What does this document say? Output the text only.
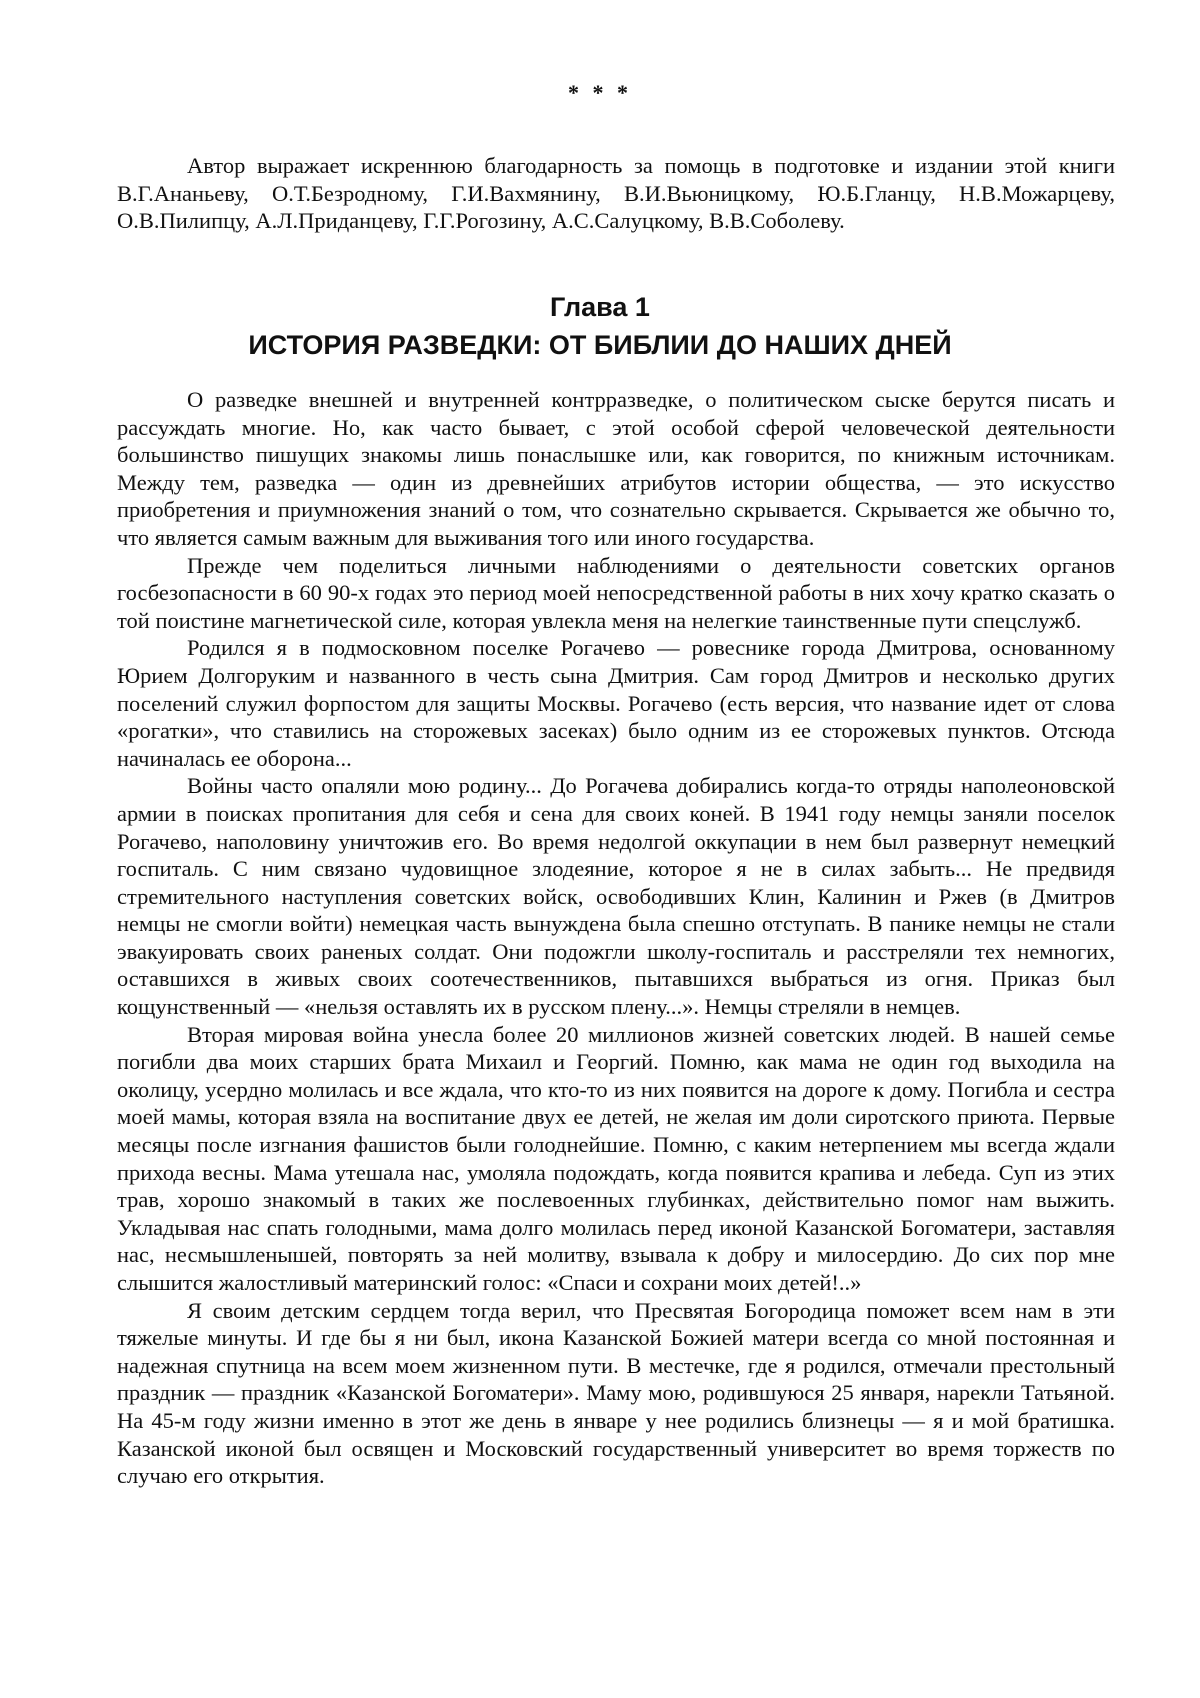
* * *

Автор выражает искреннюю благодарность за помощь в подготовке и издании этой книги В.Г.Ананьеву, О.Т.Безродному, Г.И.Вахмянину, В.И.Вьюницкому, Ю.Б.Гланцу, Н.В.Можарцеву, О.В.Пилипцу, А.Л.Приданцеву, Г.Г.Рогозину, А.С.Салуцкому, В.В.Соболеву.

Глава 1
ИСТОРИЯ РАЗВЕДКИ: ОТ БИБЛИИ ДО НАШИХ ДНЕЙ

О разведке внешней и внутренней контрразведке, о политическом сыске берутся писать и рассуждать многие. Но, как часто бывает, с этой особой сферой человеческой деятельности большинство пишущих знакомы лишь понаслышке или, как говорится, по книжным источникам. Между тем, разведка — один из древнейших атрибутов истории общества, — это искусство приобретения и приумножения знаний о том, что сознательно скрывается. Скрывается же обычно то, что является самым важным для выживания того или иного государства.

Прежде чем поделиться личными наблюдениями о деятельности советских органов госбезопасности в 60 90-х годах это период моей непосредственной работы в них хочу кратко сказать о той поистине магнетической силе, которая увлекла меня на нелегкие таинственные пути спецслужб.

Родился я в подмосковном поселке Рогачево — ровеснике города Дмитрова, основанному Юрием Долгоруким и названного в честь сына Дмитрия. Сам город Дмитров и несколько других поселений служил форпостом для защиты Москвы. Рогачево (есть версия, что название идет от слова «рогатки», что ставились на сторожевых засеках) было одним из ее сторожевых пунктов. Отсюда начиналась ее оборона...

Войны часто опаляли мою родину... До Рогачева добирались когда-то отряды наполеоновской армии в поисках пропитания для себя и сена для своих коней. В 1941 году немцы заняли поселок Рогачево, наполовину уничтожив его. Во время недолгой оккупации в нем был развернут немецкий госпиталь. С ним связано чудовищное злодеяние, которое я не в силах забыть... Не предвидя стремительного наступления советских войск, освободивших Клин, Калинин и Ржев (в Дмитров немцы не смогли войти) немецкая часть вынуждена была спешно отступать. В панике немцы не стали эвакуировать своих раненых солдат. Они подожгли школу-госпиталь и расстреляли тех немногих, оставшихся в живых своих соотечественников, пытавшихся выбраться из огня. Приказ был кощунственный — «нельзя оставлять их в русском плену...». Немцы стреляли в немцев.

Вторая мировая война унесла более 20 миллионов жизней советских людей. В нашей семье погибли два моих старших брата Михаил и Георгий. Помню, как мама не один год выходила на околицу, усердно молилась и все ждала, что кто-то из них появится на дороге к дому. Погибла и сестра моей мамы, которая взяла на воспитание двух ее детей, не желая им доли сиротского приюта. Первые месяцы после изгнания фашистов были голоднейшие. Помню, с каким нетерпением мы всегда ждали прихода весны. Мама утешала нас, умоляла подождать, когда появится крапива и лебеда. Суп из этих трав, хорошо знакомый в таких же послевоенных глубинках, действительно помог нам выжить. Укладывая нас спать голодными, мама долго молилась перед иконой Казанской Богоматери, заставляя нас, несмышленышей, повторять за ней молитву, взывала к добру и милосердию. До сих пор мне слышится жалостливый материнский голос: «Спаси и сохрани моих детей!..»

Я своим детским сердцем тогда верил, что Пресвятая Богородица поможет всем нам в эти тяжелые минуты. И где бы я ни был, икона Казанской Божией матери всегда со мной постоянная и надежная спутница на всем моем жизненном пути. В местечке, где я родился, отмечали престольный праздник — праздник «Казанской Богоматери». Маму мою, родившуюся 25 января, нарекли Татьяной. На 45-м году жизни именно в этот же день в январе у нее родились близнецы — я и мой братишка. Казанской иконой был освящен и Московский государственный университет во время торжеств по случаю его открытия.
